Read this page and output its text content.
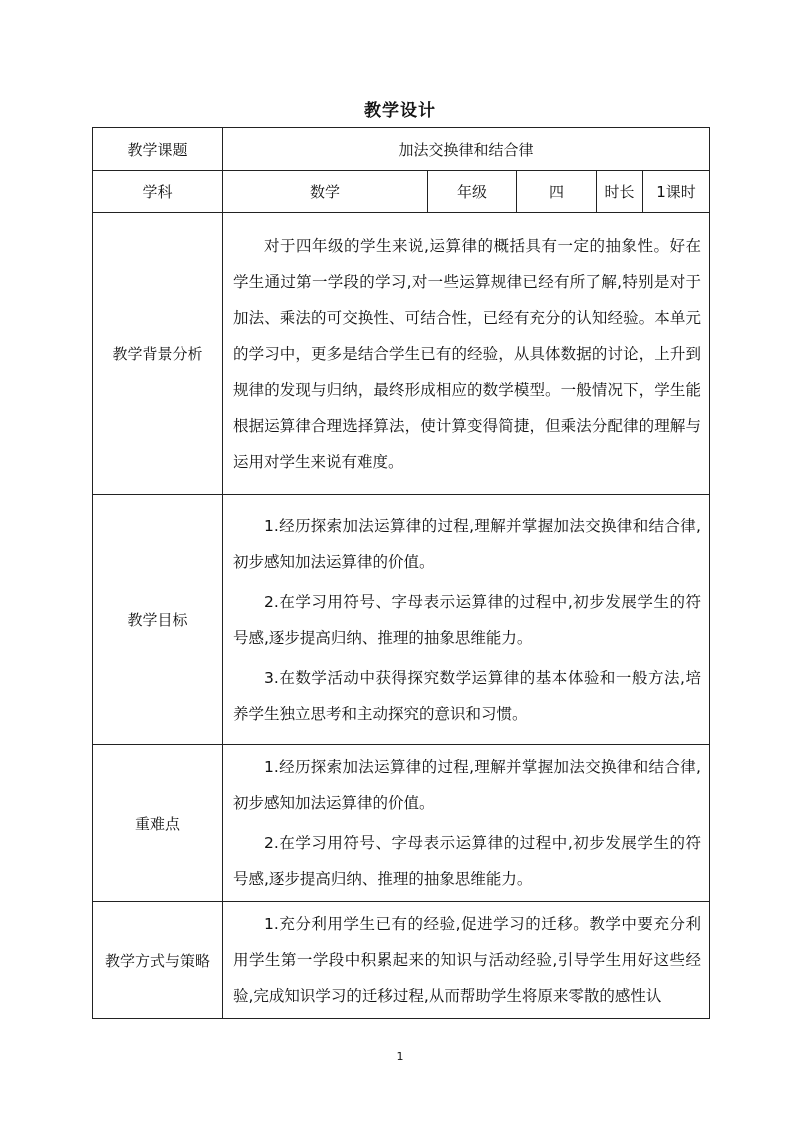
教学设计
教学课题	加法交换律和结合律				
学科	数学	年级	四	时长	1课时
教学背景分析	对于四年级的学生来说,运算律的概括具有一定的抽象性。好在学生通过第一学段的学习,对一些运算规律已经有所了解,特别是对于加法、乘法的可交换性、可结合性，已经有充分的认知经验。本单元的学习中，更多是结合学生已有的经验，从具体数据的讨论，上升到规律的发现与归纳，最终形成相应的数学模型。一般情况下，学生能根据运算律合理选择算法，使计算变得简捷，但乘法分配律的理解与运用对学生来说有难度。				

教学目标	1.经历探索加法运算律的过程,理解并掌握加法交换律和结合律,初步感知加法运算律的价值。

2.在学习用符号、字母表示运算律的过程中,初步发展学生的符号感,逐步提高归纳、推理的抽象思维能力。

3.在数学活动中获得探究数学运算律的基本体验和一般方法,培养学生独立思考和主动探究的意识和习惯。				

重难点	1.经历探索加法运算律的过程,理解并掌握加法交换律和结合律,初步感知加法运算律的价值。

2.在学习用符号、字母表示运算律的过程中,初步发展学生的符号感,逐步提高归纳、推理的抽象思维能力。				

教学方式与策略	1.充分利用学生已有的经验,促进学习的迁移。教学中要充分利用学生第一学段中积累起来的知识与活动经验,引导学生用好这些经验,完成知识学习的迁移过程,从而帮助学生将原来零散的感性认				

1
